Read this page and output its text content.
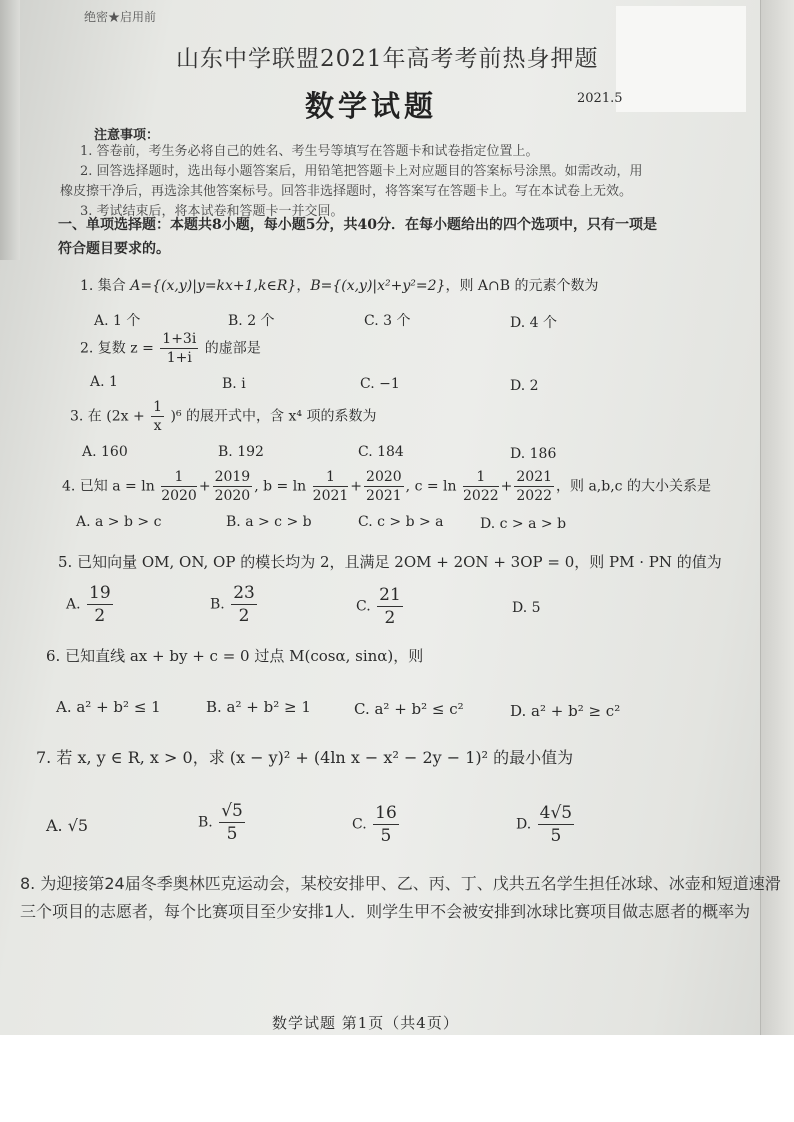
绝密★启用前
山东中学联盟2021年高考考前热身押题
数学试题	2021.5
注意事项：
1. 答卷前，考生务必将自己的姓名、考生号等填写在答题卡和试卷指定位置上。
2. 回答选择题时，选出每小题答案后，用铅笔把答题卡上对应题目的答案标号涂黑。如需改动，用
橡皮擦干净后，再选涂其他答案标号。回答非选择题时，将答案写在答题卡上。写在本试卷上无效。
3. 考试结束后，将本试卷和答题卡一并交回。
一、单项选择题：本题共8小题，每小题5分，共40分．在每小题给出的四个选项中，只有一项是
符合题目要求的。
1. 集合 A={(x,y)|y=kx+1,k∈R}，B={(x,y)|x²+y²=2}，则 A∩B 的元素个数为
A. 1 个	B. 2 个	C. 3 个	D. 4 个
2. 复数 $z = \frac{1+3i}{1+i}$ 的虚部是
A. 1	B. i	C. −1	D. 2
3. 在 $(2x + \frac{1}{x} )^6$ 的展开式中，含 x⁴ 项的系数为
A. 160	B. 192	C. 184	D. 186
4. 已知 $a = \ln \frac{1}{2020} + \frac{2019}{2020}$ , $b = \ln \frac{1}{2021} + \frac{2020}{2021}$ , $c = \ln \frac{1}{2022} + \frac{2021}{2022}$ ，则 a,b,c 的大小关系是
A. a > b > c	B. a > c > b	C. c > b > a	D. c > a > b
5. 已知向量 OM, ON, OP 的模长均为 2，且满足 2OM + 2ON + 3OP = 0，则 PM · PN 的值为
A. $\frac{19}{2}$	B. $\frac{23}{2}$	C. $\frac{21}{2}$	D. 5
6. 已知直线 ax + by + c = 0 过点 M(cosα, sinα)，则
A. a² + b² ≤ 1	B. a² + b² ≥ 1	C. a² + b² ≤ c²	D. a² + b² ≥ c²
7. 若 x, y ∈ R, x > 0，求 (x − y)² + (4ln x − x² − 2y − 1)² 的最小值为
A. √5	B. $\frac{√5}{5}$	C. $\frac{16}{5}$	D. $\frac{4√5}{5}$
8. 为迎接第24届冬季奥林匹克运动会，某校安排甲、乙、丙、丁、戊共五名学生担任冰球、冰壶和短道速滑三个项目的志愿者，每个比赛项目至少安排1人．则学生甲不会被安排到冰球比赛项目做志愿者的概率为
数学试题 第1页（共4页）
